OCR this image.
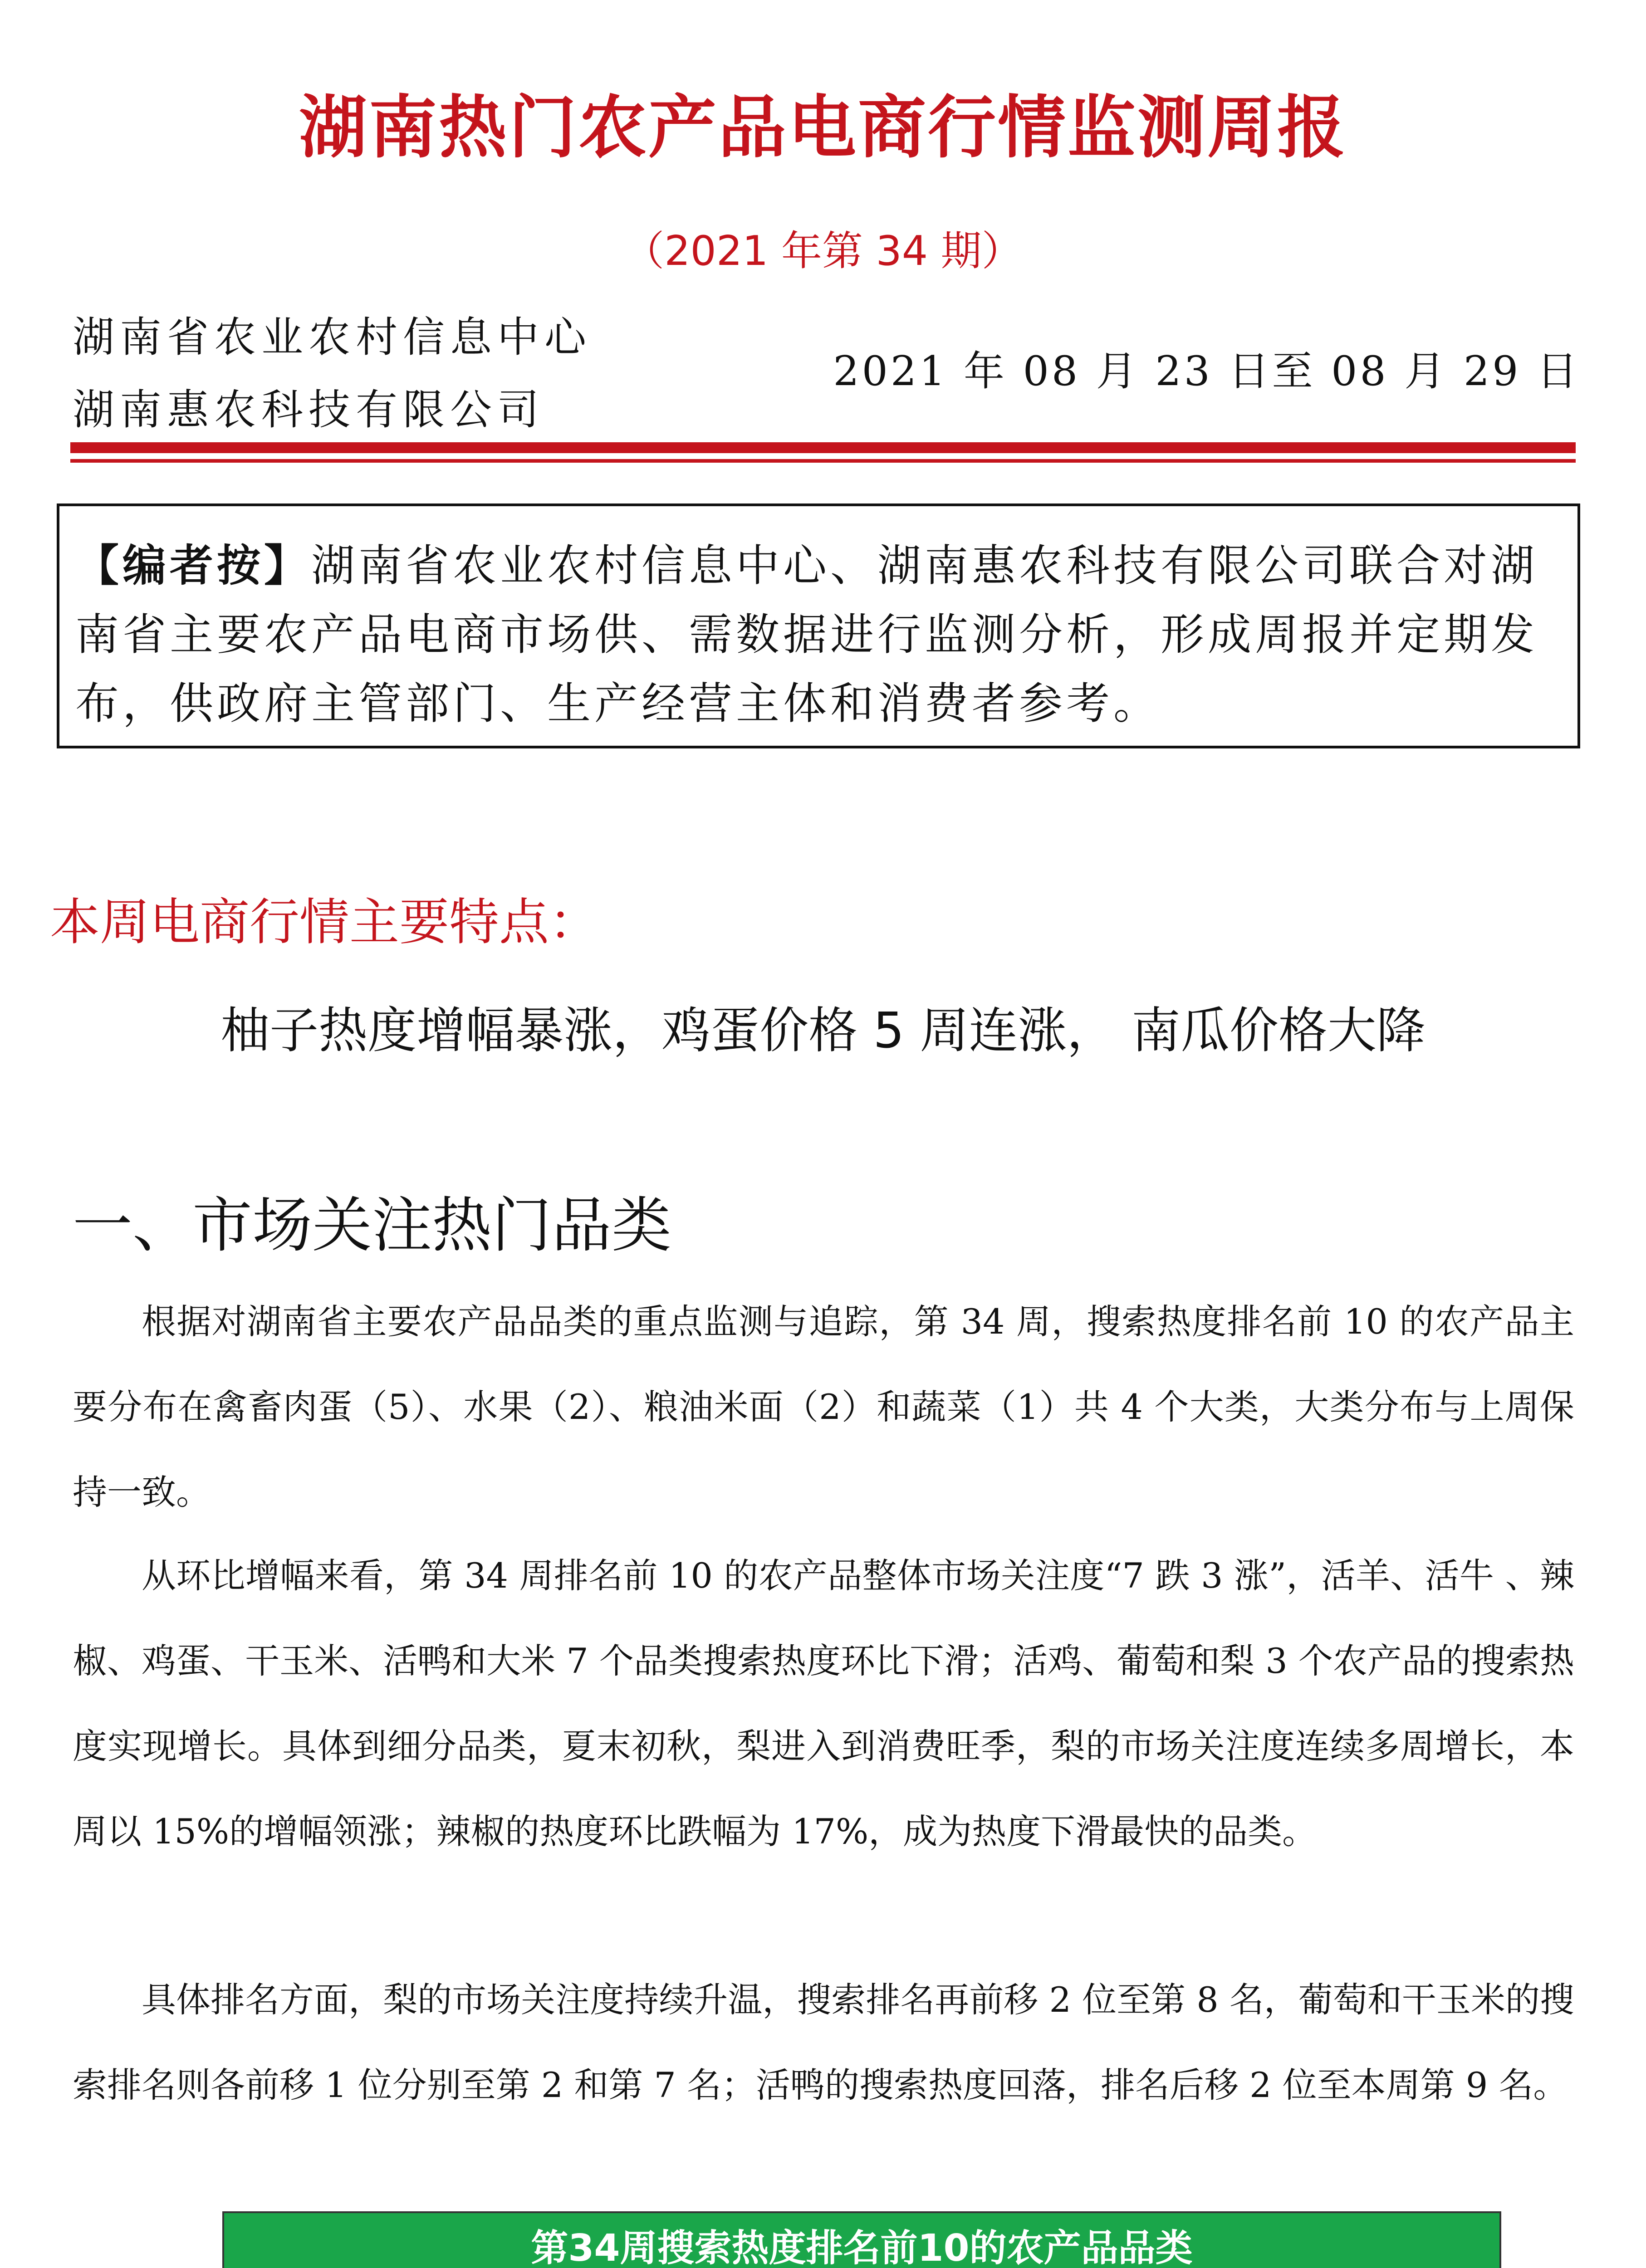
湖南热门农产品电商行情监测周报
（2021 年第 34 期）
湖南省农业农村信息中心
湖南惠农科技有限公司
2021 年 08 月 23 日至 08 月 29 日
【编者按】湖南省农业农村信息中心、湖南惠农科技有限公司联合对湖南省主要农产品电商市场供、需数据进行监测分析，形成周报并定期发布，供政府主管部门、生产经营主体和消费者参考。
本周电商行情主要特点：
柚子热度增幅暴涨，鸡蛋价格 5 周连涨， 南瓜价格大降
一、市场关注热门品类
根据对湖南省主要农产品品类的重点监测与追踪，第 34 周，搜索热度排名前 10 的农产品主要分布在禽畜肉蛋（5）、水果（2）、粮油米面（2）和蔬菜（1）共 4 个大类，大类分布与上周保持一致。
从环比增幅来看，第 34 周排名前 10 的农产品整体市场关注度“7 跌 3 涨”，活羊、活牛 、辣椒、鸡蛋、干玉米、活鸭和大米 7 个品类搜索热度环比下滑；活鸡、葡萄和梨 3 个农产品的搜索热度实现增长。具体到细分品类，夏末初秋，梨进入到消费旺季，梨的市场关注度连续多周增长，本周以 15%的增幅领涨；辣椒的热度环比跌幅为 17%，成为热度下滑最快的品类。
具体排名方面，梨的市场关注度持续升温，搜索排名再前移 2 位至第 8 名，葡萄和干玉米的搜索排名则各前移 1 位分别至第 2 和第 7 名；活鸭的搜索热度回落，排名后移 2 位至本周第 9 名。
第34周搜索热度排名前10的农产品品类					
